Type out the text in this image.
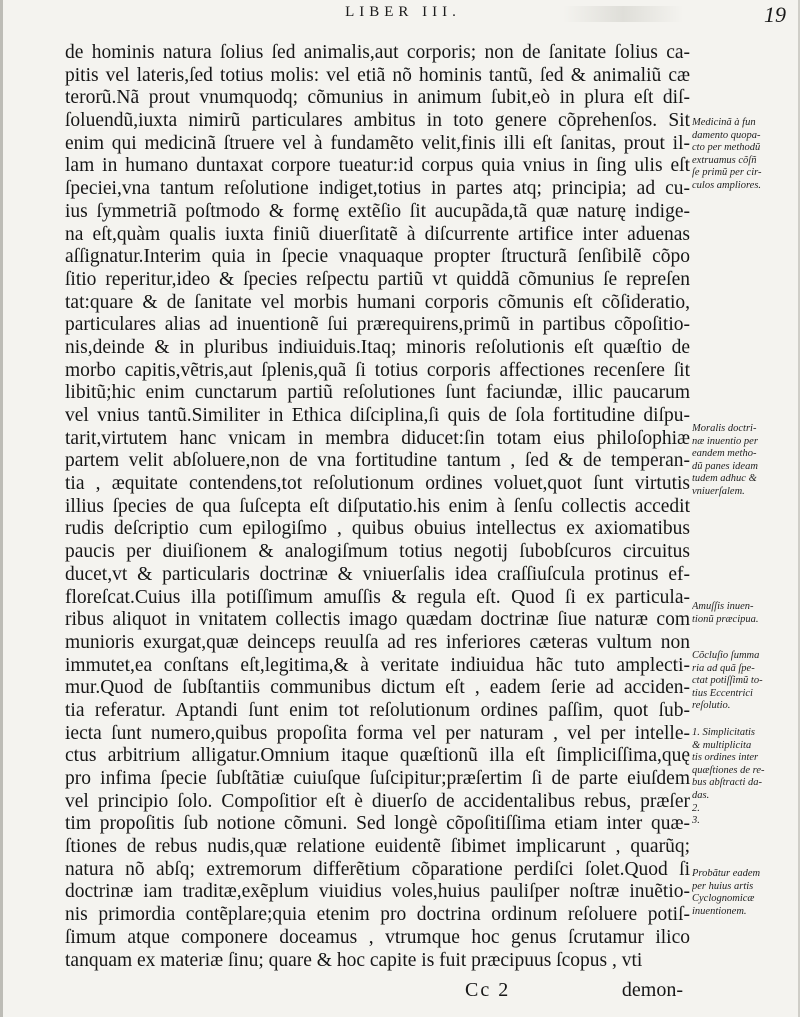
LIBER III.	19
de hominis natura ſolius ſed animalis,aut corporis; non de ſanitate ſolius ca-
pitis vel lateris,ſed totius molis: vel etiã nõ hominis tantũ, ſed & animaliũ cæ
terorũ.Nã prout vnumquodq; cõmunius in animum ſubit,eò in plura eſt diſ-
ſoluendũ,iuxta nimirũ particulares ambitus in toto genere cõprehenſos. Sit
enim qui medicinã ſtruere vel à fundamẽto velit,finis illi eſt ſanitas, prout il-
lam in humano duntaxat corpore tueatur:id corpus quia vnius in ſing ulis eſt
ſpeciei,vna tantum reſolutione indiget,totius in partes atq; principia; ad cu-
ius ſymmetriã poſtmodo & formę extẽſio ſit aucupãda,tã quæ naturę indige-
na eſt,quàm qualis iuxta finiũ diuerſitatẽ à diſcurrente artifice inter aduenas
aſſignatur.Interim quia in ſpecie vnaquaque propter ſtructurã ſenſibilẽ cõpo
ſitio reperitur,ideo & ſpecies reſpectu partiũ vt quiddã cõmunius ſe repreſen
tat:quare & de ſanitate vel morbis humani corporis cõmunis eſt cõſideratio,
particulares alias ad inuentionẽ ſui prærequirens,primũ in partibus cõpoſitio-
nis,deinde & in pluribus indiuiduis.Itaq; minoris reſolutionis eſt quæſtio de
morbo capitis,vẽtris,aut ſplenis,quã ſi totius corporis affectiones recenſere ſit
libitũ;hic enim cunctarum partiũ reſolutiones ſunt faciundæ, illic paucarum
vel vnius tantũ.Similiter in Ethica diſciplina,ſi quis de ſola fortitudine diſpu-
tarit,virtutem hanc vnicam in membra diducet:ſin totam eius philoſophiæ
partem velit abſoluere,non de vna fortitudine tantum , ſed & de temperan-
tia , æquitate contendens,tot reſolutionum ordines voluet,quot ſunt virtutis
illius ſpecies de qua ſuſcepta eſt diſputatio.his enim à ſenſu collectis accedit
rudis deſcriptio cum epilogiſmo , quibus obuius intellectus ex axiomatibus
paucis per diuiſionem & analogiſmum totius negotij ſubobſcuros circuitus
ducet,vt & particularis doctrinæ & vniuerſalis idea craſſiuſcula protinus ef-
floreſcat.Cuius illa potiſſimum amuſſis & regula eſt. Quod ſi ex particula-
ribus aliquot in vnitatem collectis imago quædam doctrinæ ſiue naturæ com
munioris exurgat,quæ deinceps reuulſa ad res inferiores cæteras vultum non
immutet,ea conſtans eſt,legitima,& à veritate indiuidua hãc tuto amplecti-
mur.Quod de ſubſtantiis communibus dictum eſt , eadem ſerie ad acciden-
tia referatur. Aptandi ſunt enim tot reſolutionum ordines paſſim, quot ſub-
iecta ſunt numero,quibus propoſita forma vel per naturam , vel per intelle-
ctus arbitrium alligatur.Omnium itaque quæſtionũ illa eſt ſimpliciſſima,quę
pro infima ſpecie ſubſtãtiæ cuiuſque ſuſcipitur;præſertim ſi de parte eiuſdem
vel principio ſolo. Compoſitior eſt è diuerſo de accidentalibus rebus, præſer
tim propoſitis ſub notione cõmuni. Sed longè cõpoſitiſſima etiam inter quæ-
ſtiones de rebus nudis,quæ relatione euidentẽ ſibimet implicarunt , quarũq;
natura nõ abſq; extremorum differẽtium cõparatione perdiſci ſolet.Quod ſi
doctrinæ iam traditæ,exẽplum viuidius voles,huius pauliſper noſtræ inuẽtio-
nis primordia contẽplare;quia etenim pro doctrina ordinum reſoluere potiſ-
ſimum atque componere doceamus , vtrumque hoc genus ſcrutamur ilico
tanquam ex materiæ ſinu; quare & hoc capite is fuit præcipuus ſcopus , vti
Medicinã à fun
damento quopa-
cto per methodũ
extruamus cõſñ
ſe primũ per cir-
culos ampliores.
Moralis doctri-
næ inuentio per
eandem metho-
dũ panes ideam
tudem adhuc &
vniuerſalem.
Amuſſis inuen-
tionũ præcipua.
Cõcluſio ſumma
ria ad quã ſpe-
ctat potiſſimũ to-
tius Eccentrici
reſolutio.
1. Simplicitatis
& multiplicita
tis ordines inter
quæſtiones de re-
bus abſtracti da-
das.
2.
3.
Probãtur eadem
per huius artis
Cyclognomicæ
inuentionem.
Cc 2	demon-
